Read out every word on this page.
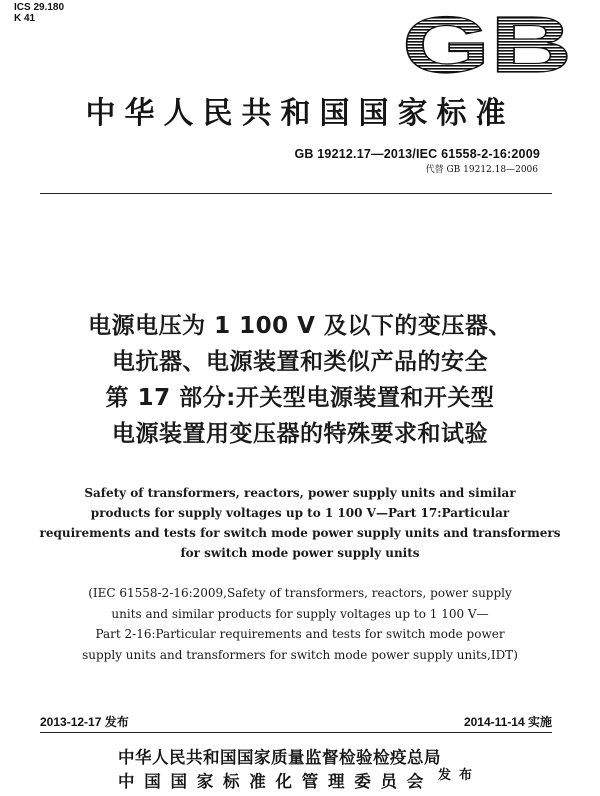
ICS 29.180
K 41	GB
中华人民共和国国家标准
GB 19212.17—2013/IEC 61558-2-16:2009
代替 GB 19212.18—2006
电源电压为 1 100 V 及以下的变压器、
电抗器、电源装置和类似产品的安全
第 17 部分:开关型电源装置和开关型
电源装置用变压器的特殊要求和试验
Safety of transformers, reactors, power supply units and similar
products for supply voltages up to 1 100 V—Part 17:Particular
requirements and tests for switch mode power supply units and transformers
for switch mode power supply units
(IEC 61558-2-16:2009,Safety of transformers, reactors, power supply
units and similar products for supply voltages up to 1 100 V—
Part 2-16:Particular requirements and tests for switch mode power
supply units and transformers for switch mode power supply units,IDT)
2013-12-17 发布	2014-11-14 实施
中华人民共和国国家质量监督检验检疫总局
中 国 国 家 标 准 化 管 理 委 员 会 发布
